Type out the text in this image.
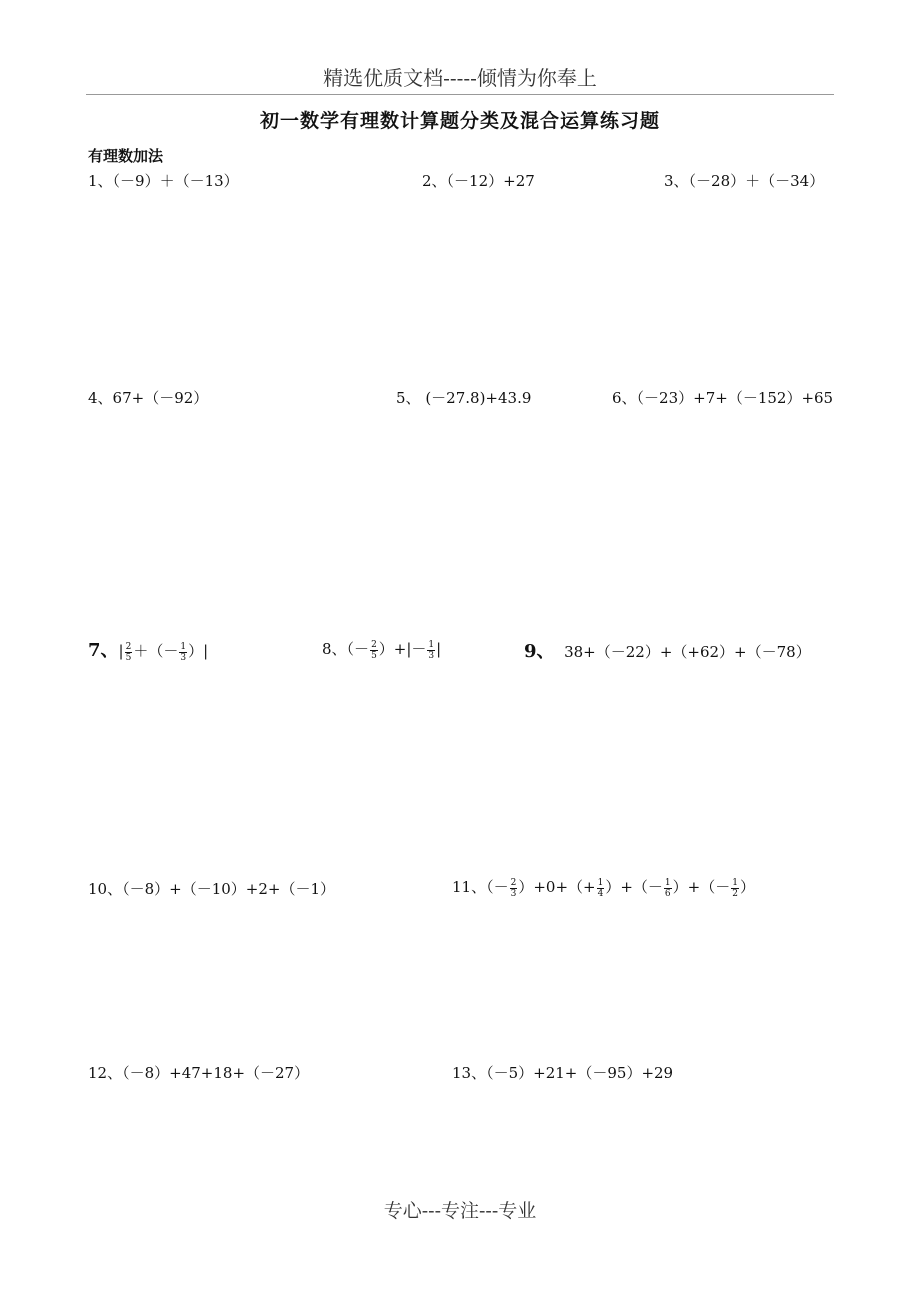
精选优质文档-----倾情为你奉上
初一数学有理数计算题分类及混合运算练习题
有理数加法
1、（－9）＋（－13）	2、（－12）+27	3、（－28）＋（－34）
4、67+（－92）	5、 (－27.8)+43.9	6、（－23）+7+（－152）+65
7、| $\frac{2}{5}$ ＋（－ $\frac{1}{3}$ ）|	8、（－ $\frac{2}{5}$ ）+|－ $\frac{1}{3}$ |	9、 38+（－22）+（+62）+（－78）
10、（－8）+（－10）+2+（－1）	11、（－ $\frac{2}{3} )+0+(+ \frac{1}{4}$ ）+（－ $\frac{1}{6}$ ）+（－ $\frac{1}{2}$ ）
12、（－8）+47+18+（－27）	13、（－5）+21+（－95）+29
专心---专注---专业
